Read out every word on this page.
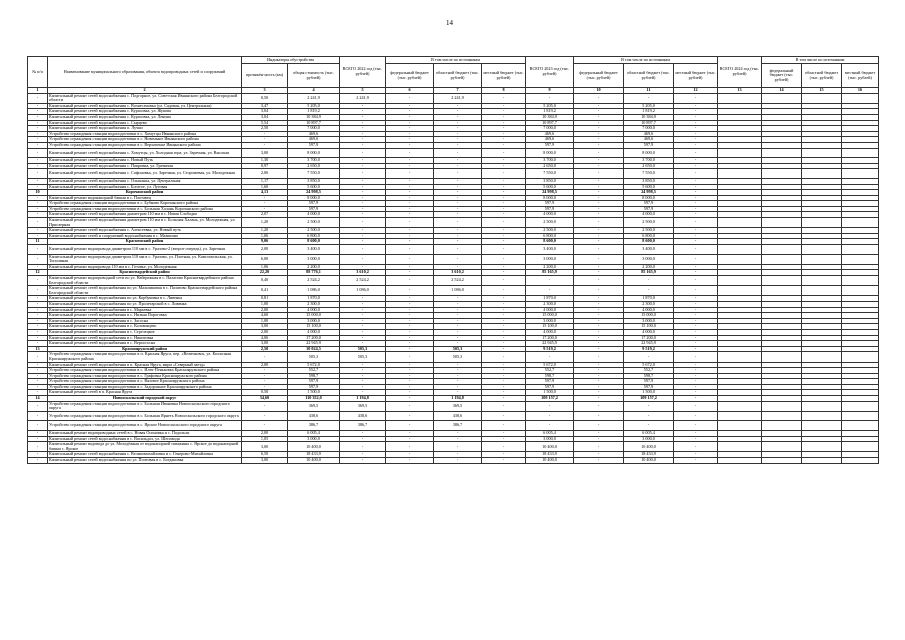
14
№ п/п	Наименование муниципального образования, объекта водопроводных сетей и сооружений	Индикаторы обустройства		ВСЕГО 2022 год (тыс. рублей)	В том числе по источникам			ВСЕГО 2023 год (тыс. рублей)	В том числе по источникам			ВСЕГО 2024 год (тыс. рублей)	В том числе по источникам		
		протяжён-ность (км)	общая стоимость (тыс. рублей)		федеральный бюджет (тыс. рублей)	областной бюджет (тыс. рублей)	местный бюджет (тыс. рублей)		федеральный бюджет (тыс. рублей)	областной бюджет (тыс. рублей)	местный бюджет (тыс. рублей)		федеральный бюджет (тыс. рублей)	областной бюджет (тыс. рублей)	местный бюджет (тыс. рублей)
1	2	3	4	5	6	7	8	9	10	11	12	13	14	15	16
-	Капитальный ремонт сетей водоснабжения с. Подгорное, ул. Советская Ивнянского района Белгородской области	0,50	2 241,9	2 241,9	-	2 241,9	-	-	-	-	-				
-	Капитальный ремонт сетей водоснабжения с. Вознесеновка (ул. Садовая, ул. Центральная)	3,47	5 205,0	-	-	-	-	5 205,0	-	5 205,0	-				
-	Капитальный ремонт сетей водоснабжения с. Курасовка, ул. Жукова	3,04	1 819,2	-	-	-	-	1 819,2	-	1 819,2	-				
-	Капитальный ремонт сетей водоснабжения с. Курасовка, ул. Ленина	3,04	10 384,9	-	-	-	-	10 384,9	-	10 384,9	-				
-	Капитальный ремонт сетей водоснабжения с. Сырцево	5,54	10 897,7	-	-	-	-	10 897,7	-	10 897,7	-				
-	Капитальный ремонт сетей водоснабжения п. Лучки	2,50	7 000,0	-	-	-	-	7 000,0	-	7 000,0	-				
-	Устройство ограждения станции водоподготовки в с. Хомутцы Ивнянского района	-	469,6	-	-	-	-	469,6	-	469,6	-				
-	Устройство ограждения станции водоподготовки в с. Новенькое Ивнянского района	-	469,6	-	-	-	-	469,6	-	469,6	-				
-	Устройство ограждения станции водоподготовки в с. Верхопенье Ивнянского района	-	597,9	-	-	-	-	597,9	-	597,9	-				
-	Капитальный ремонт сетей водоснабжения с. Хомутцы, ул. Холодная гора, ул. Заречная, ул. Высокая	3,00	8 000,0	-	-	-	-	8 000,0	-	8 000,0	-				
-	Капитальный ремонт сетей водоснабжения с. Новый Путь	1,30	3 700,0	-	-	-	-	3 700,0	-	3 700,0	-				
-	Капитальный ремонт сетей водоснабжения с. Покровка, ул. Гремячая	0,97	2 650,0	-	-	-	-	2 650,0	-	2 650,0	-				
-	Капитальный ремонт сетей водоснабжения с. Сафоновка, ул. Заречная, ул. Сторожевая, ул. Молодежная	2,06	7 550,0	-	-	-	-	7 550,0	-	7 550,0	-				
-	Капитальный ремонт сетей водоснабжения с. Ольшанка, ул. Центральная	1,17	3 850,0	-	-	-	-	3 850,0	-	3 850,0	-				
-	Капитальный ремонт сетей водоснабжения с. Богатое, ул. Луговая	1,60	5 600,0	-	-	-	-	5 600,0	-	5 600,0	-				
10	Корочанский район	4,13	24 998,5	-	-	-	-	24 998,5	-	24 998,5	-				
-	Капитальный ремонт водонапорной башни в с. Плотавец	-	8 000,0	-	-	-	-	8 000,0	-	8 000,0	-				
-	Устройство ограждения станции водоподготовки в с. Бубново Корочанского района	-	597,9	-	-	-	-	597,9	-	597,9	-				
-	Устройство ограждения станции водоподготовки в с. Большая Халань Корочанского района	-	597,9	-	-	-	-	597,9	-	597,9	-				
-	Капитальный ремонт сетей водоснабжения диаметром 110 мм в с. Новая Слободка	2,07	4 000,0	-	-	-	-	4 000,0	-	4 000,0	-				
-	Капитальный ремонт сетей водоснабжения диаметром 110 мм в с. Большая Халань, ул. Молодежная, ул. Приозерная	1,20	2 500,0	-	-	-	-	2 500,0	-	2 500,0	-				
-	Капитальный ремонт сетей водоснабжения с. Алексеевка, ул. Новый путь	1,20	2 500,0	-	-	-	-	2 500,0	-	2 500,0	-				
-	Капитальный ремонт сетей и сооружений водоснабжения в с. Мазикино	1,06	6 800,0	-	-	-	-	6 800,0	-	6 800,0	-				
11	Красненский район	9,06	8 600,0	-	-	-	-	8 600,0	-	8 600,0	-				
-	Капитальный ремонт водопровода диаметром 110 мм в с. Уразово-2 (второе очередь), ул. Заречная	2,00	3 400,0	-	-	-	-	3 400,0	-	3 400,0	-				
-	Капитальный ремонт водопровода диаметром 110 мм в с. Уразово, ул. Плотная, ул. Комсомольская, ул. Тополиная	6,00	3 000,0	-	-	-	-	3 000,0	-	3 000,0	-				
-	Капитальный ремонт водопровода 110 мм в с. Готовье, ул. Молодежная	1,06	2 200,0	-	-	-	-	2 200,0	-	2 200,0	-				
12	Красногвардейский район	22,20	88 776,1	3 610,2	-	3 610,2	-	85 165,9	-	85 165,9	-				
-	Капитальный ремонт водопроводной сети по ул. Набережная в с. Палатово Красногвардейского района Белгородской области	0,40	2 524,2	2 524,2	-	2 524,2	-	-	-	-	-				
-	Капитальный ремонт сетей водоснабжения по ул. Мальчиковая в с. Палатово Красногвардейского района Белгородской области	0,41	1 086,0	1 086,0	-	1 086,0	-	-	-	-	-				
-	Капитальный ремонт сетей водоснабжения по ул. Корбуковка в с. Ливенка	0,81	1 870,0	-	-	-	-	1 870,0	-	1 870,0	-				
-	Капитальный ремонт сетей водоснабжения по ул. Пролетарской в с. Ливенка	1,00	2 300,0	-	-	-	-	2 300,0	-	2 300,0	-				
-	Капитальный ремонт сетей водоснабжения в с. Марьевка	2,00	4 000,0	-	-	-	-	4 000,0	-	4 000,0	-				
-	Капитальный ремонт сетей водоснабжения в с. Низкая Пороговка	4,60	15 000,0	-	-	-	-	15 000,0	-	15 000,0	-				
-	Капитальный ремонт сетей водоснабжения в с. Засосна	1,00	3 000,0	-	-	-	-	3 000,0	-	3 000,0	-				
-	Капитальный ремонт сетей водоснабжения в с. Коломыцево	3,00	15 100,0	-	-	-	-	15 100,0	-	15 100,0	-				
-	Капитальный ремонт сетей водоснабжения в с. Стрелецкое	2,00	4 000,0	-	-	-	-	4 000,0	-	4 000,0	-				
-	Капитальный ремонт сетей водоснабжения в с. Никитовка	4,06	17 200,0	-	-	-	-	17 200,0	-	17 200,0	-				
-	Капитальный ремонт сетей водоснабжения в с. Верхососна	3,00	22 945,9	-	-	-	-	22 945,9	-	22 945,9	-				
13	Краснояружский район	2,50	10 024,5	505,3	-	505,3	-	9 519,2	-	9 519,2	-				
-	Устройство ограждения станции водоподготовки в п. Красная Яруга, пер. «Величковск, ул. Колхозная Краснояружского района	-	505,3	505,3	-	505,3	-	-	-	-	-				
-	Капитальный ремонт сетей водоснабжения в п. Красная Яруга, мкрн «Северный заезд»	2,00	5 672,0	-	-	-	-	5 672,0	-	5 672,0	-				
-	Устройство ограждения станции водоподготовки в с. Илек-Пеньковка Краснояружского района	-	552,7	-	-	-	-	552,7	-	552,7	-				
-	Устройство ограждения станции водоподготовки в с. Графовка Краснояружского района	-	598,7	-	-	-	-	598,7	-	598,7	-				
-	Устройство ограждения станции водоподготовки в с. Вязовое Краснояружского района	-	597,9	-	-	-	-	597,9	-	597,9	-				
-	Устройство ограждения станции водоподготовки в с. Задорожное Краснояружского района	-	597,9	-	-	-	-	597,9	-	597,9	-				
-	Капитальный ремонт сетей в п. Красная Яруга	0,50	1 500,0	-	-	-	-	1 500,0	-	1 500,0	-				
14	Новооскольский городской округ	34,60	110 352,0	1 194,8	-	1 194,8	-	109 157,2	-	109 157,2	-				
-	Устройство ограждения станции водоподготовки в с. Большая Ивановка Новооскольского городского округа	-	369,5	369,5	-	369,5	-	-	-	-	-				
-	Устройство ограждения станции водоподготовки в с. Большая Ярнеть Новооскольского городского округа	-	438,6	438,6	-	438,6	-	-	-	-	-				
-	Устройство ограждения станции водоподготовки в с. Ярское Новооскольского городского округа	-	386,7	386,7	-	386,7	-	-	-	-	-				
-	Капитальный ремонт водопроводных сетей в с. Новая Осиновка и с. Подольхи	2,00	6 005,4	-	-	-	-	6 005,4	-	6 005,4	-				
-	Капитальный ремонт сетей водоснабжения в с. Васильдол, ул. Шеповодя	1,05	3 000,0	-	-	-	-	3 000,0	-	3 000,0	-				
-	Капитальный ремонт водовода до ул. Молодёжная от водонапорной скважины с. Ярское до водонапорной башни с. Ярское	3,00	10 400,0	-	-	-	-	10 400,0	-	10 400,0	-				
-	Капитальный ремонт сетей водоснабжения с. Великомихайловка и с. Генерово-Михайловка	6,50	18 433,9	-	-	-	-	18 433,9	-	18 433,9	-				
-	Капитальный ремонт сетей водоснабжения по ул. Почтовая в с. Богдановка	3,00	10 400,0	-	-	-	-	10 400,0	-	10 400,0	-				
